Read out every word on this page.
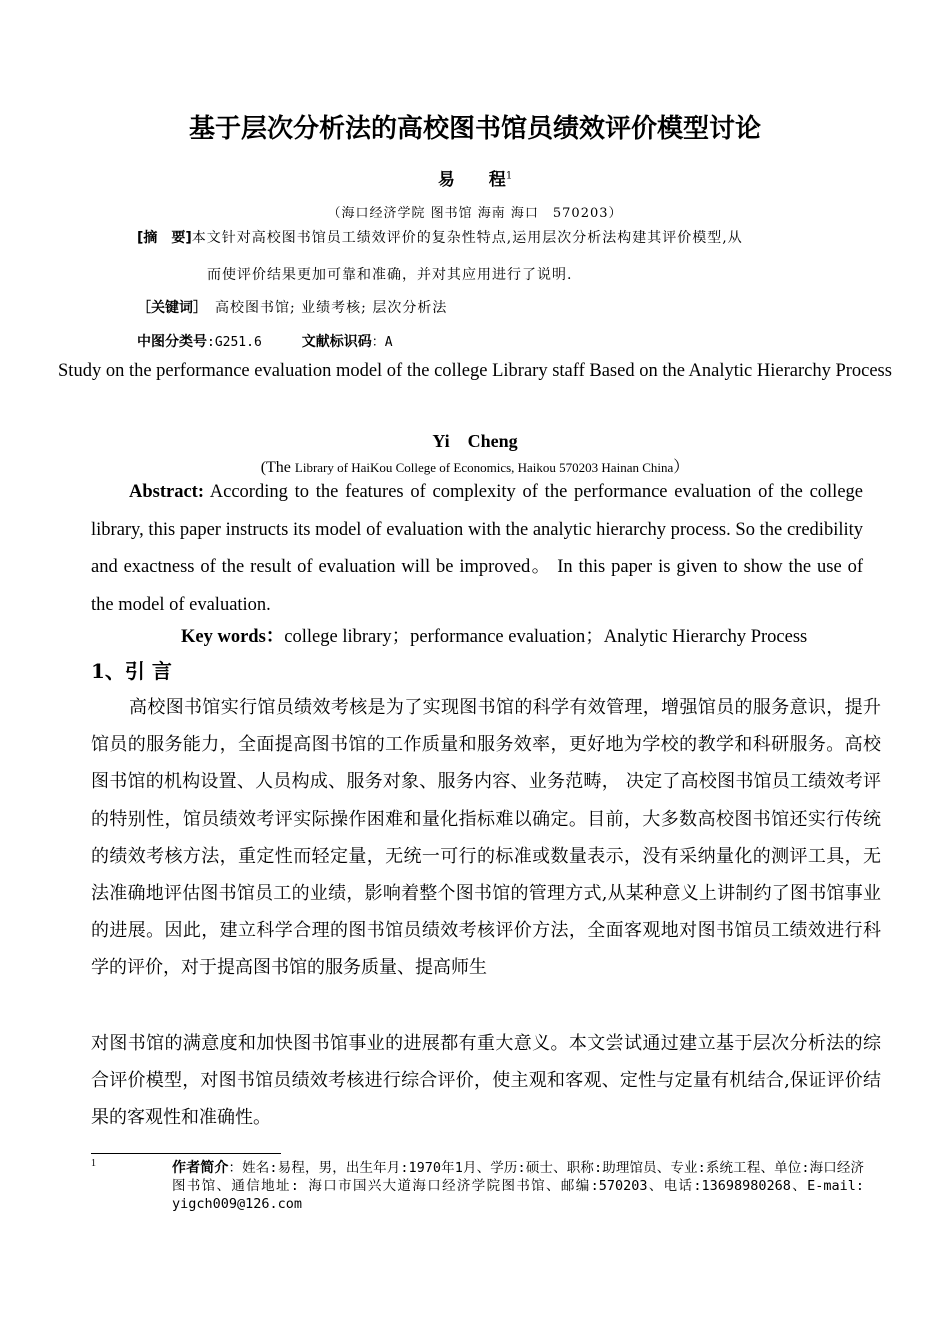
基于层次分析法的高校图书馆员绩效评价模型讨论
易　　程$^1$
（海口经济学院 图书馆 海南 海口　570203）
[摘　要]本文针对高校图书馆员工绩效评价的复杂性特点,运用层次分析法构建其评价模型,从
而使评价结果更加可靠和准确，并对其应用进行了说明.
［关键词］ 高校图书馆; 业绩考核; 层次分析法
中图分类号:G251.6	文献标识码：A
Study on the performance evaluation model of the college Library staff Based on the Analytic Hierarchy Process
Yi　Cheng
(The Library of HaiKou College of Economics, Haikou 570203 Hainan China）
Abstract: According to the features of complexity of the performance evaluation of the college library, this paper instructs its model of evaluation with the analytic hierarchy process. So the credibility and exactness of the result of evaluation will be improved。 In this paper is given to show the use of the model of evaluation.
Key words：college library；performance evaluation；Analytic Hierarchy Process
1、引 言
高校图书馆实行馆员绩效考核是为了实现图书馆的科学有效管理，增强馆员的服务意识，提升馆员的服务能力，全面提高图书馆的工作质量和服务效率，更好地为学校的教学和科研服务。高校图书馆的机构设置、人员构成、服务对象、服务内容、业务范畴， 决定了高校图书馆员工绩效考评的特别性，馆员绩效考评实际操作困难和量化指标难以确定。目前，大多数高校图书馆还实行传统的绩效考核方法，重定性而轻定量，无统一可行的标准或数量表示，没有采纳量化的测评工具，无法准确地评估图书馆员工的业绩，影响着整个图书馆的管理方式,从某种意义上讲制约了图书馆事业的进展。因此，建立科学合理的图书馆员绩效考核评价方法，全面客观地对图书馆员工绩效进行科学的评价，对于提高图书馆的服务质量、提高师生
对图书馆的满意度和加快图书馆事业的进展都有重大意义。本文尝试通过建立基于层次分析法的综合评价模型，对图书馆员绩效考核进行综合评价，使主观和客观、定性与定量有机结合,保证评价结果的客观性和准确性。
1	作者简介：姓名:易程，男，出生年月:1970年1月、学历:硕士、职称:助理馆员、专业:系统工程、单位:海口经济图书馆、通信地址: 海口市国兴大道海口经济学院图书馆、邮编:570203、电话:13698980268、E-mail: yigch009@126.com
